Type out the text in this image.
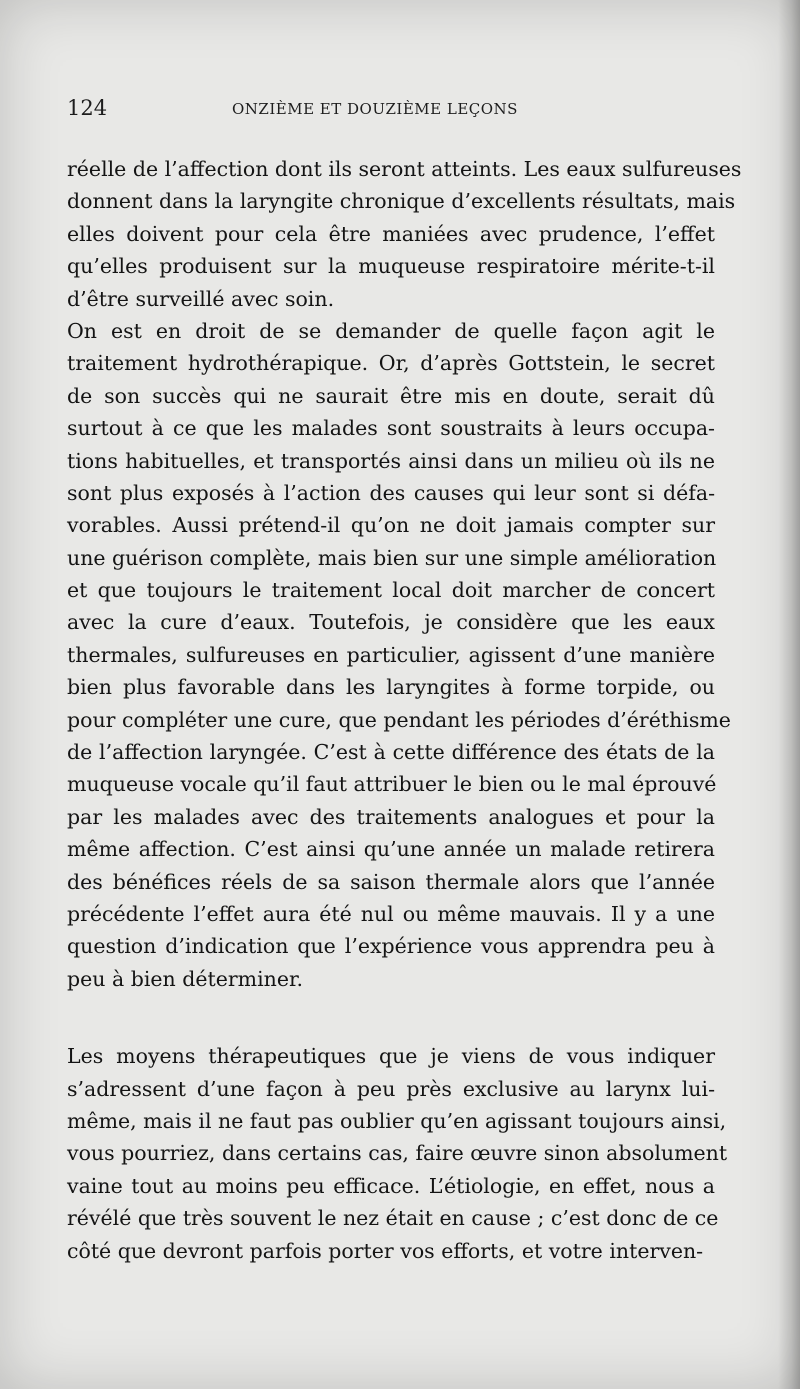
124	ONZIÈME ET DOUZIÈME LEÇONS
réelle de l’affection dont ils seront atteints. Les eaux sulfureuses
donnent dans la laryngite chronique d’excellents résultats, mais
elles doivent pour cela être maniées avec prudence, l’effet
qu’elles produisent sur la muqueuse respiratoire mérite-t-il
d’être surveillé avec soin.
On est en droit de se demander de quelle façon agit le
traitement hydrothérapique. Or, d’après Gottstein, le secret
de son succès qui ne saurait être mis en doute, serait dû
surtout à ce que les malades sont soustraits à leurs occupa-
tions habituelles, et transportés ainsi dans un milieu où ils ne
sont plus exposés à l’action des causes qui leur sont si défa-
vorables. Aussi prétend-il qu’on ne doit jamais compter sur
une guérison complète, mais bien sur une simple amélioration
et que toujours le traitement local doit marcher de concert
avec la cure d’eaux. Toutefois, je considère que les eaux
thermales, sulfureuses en particulier, agissent d’une manière
bien plus favorable dans les laryngites à forme torpide, ou
pour compléter une cure, que pendant les périodes d’éréthisme
de l’affection laryngée. C’est à cette différence des états de la
muqueuse vocale qu’il faut attribuer le bien ou le mal éprouvé
par les malades avec des traitements analogues et pour la
même affection. C’est ainsi qu’une année un malade retirera
des bénéfices réels de sa saison thermale alors que l’année
précédente l’effet aura été nul ou même mauvais. Il y a une
question d’indication que l’expérience vous apprendra peu à
peu à bien déterminer.
Les moyens thérapeutiques que je viens de vous indiquer
s’adressent d’une façon à peu près exclusive au larynx lui-
même, mais il ne faut pas oublier qu’en agissant toujours ainsi,
vous pourriez, dans certains cas, faire œuvre sinon absolument
vaine tout au moins peu efficace. L’étiologie, en effet, nous a
révélé que très souvent le nez était en cause ; c’est donc de ce
côté que devront parfois porter vos efforts, et votre interven-
